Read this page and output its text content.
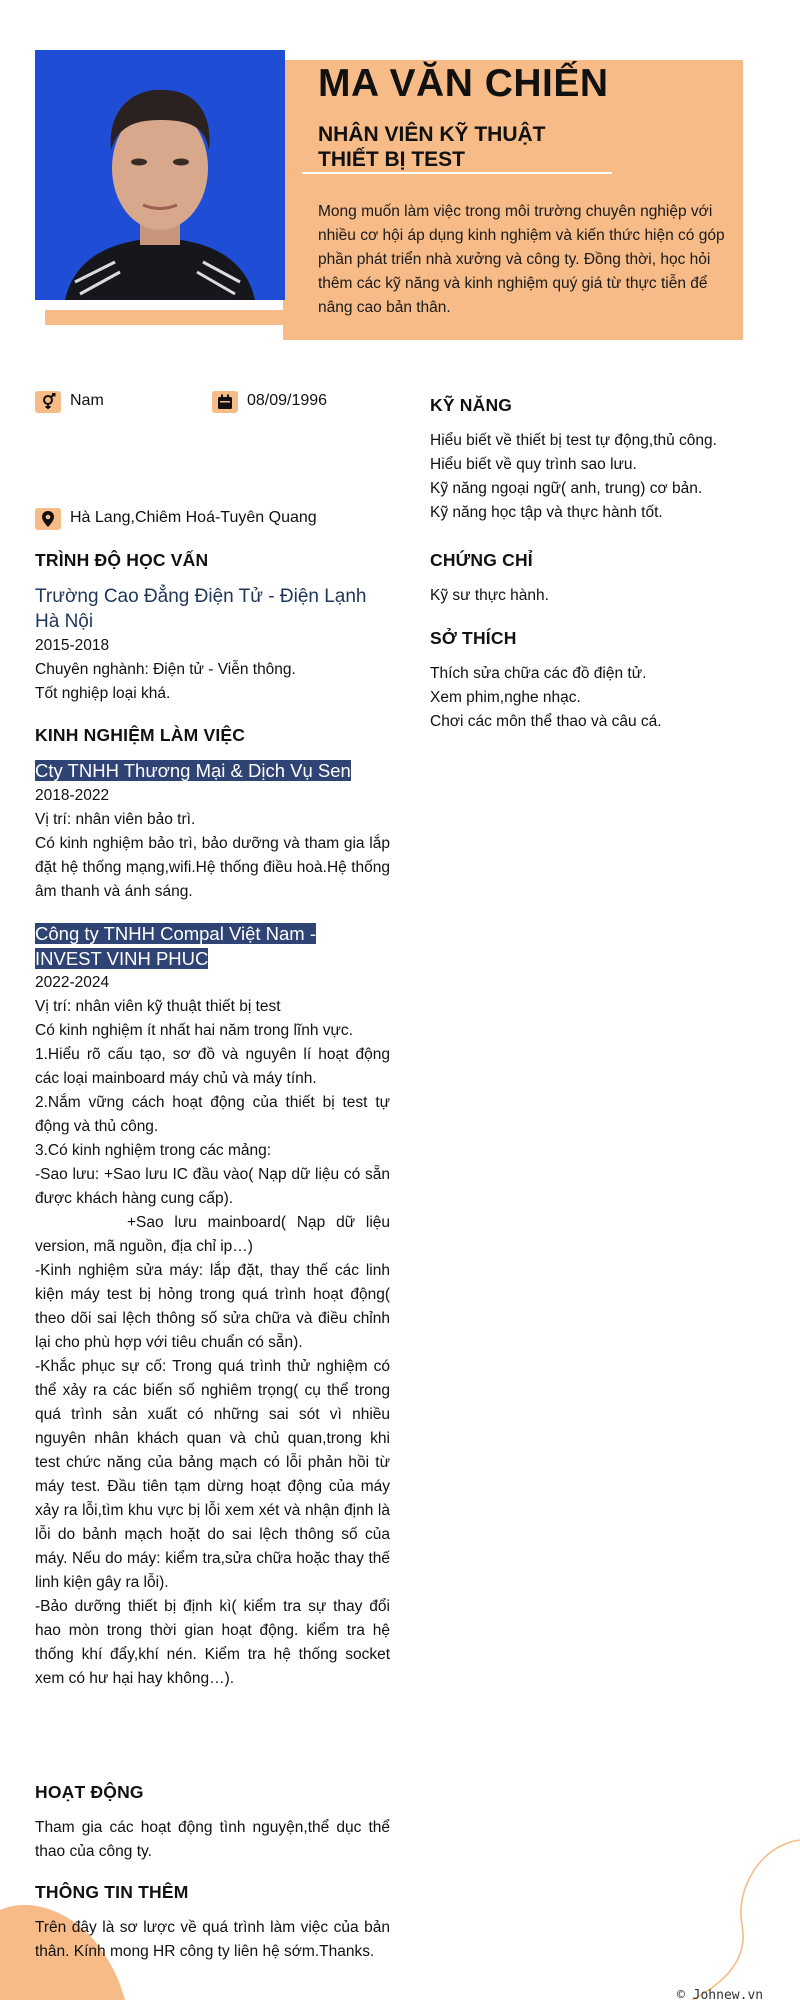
MA VĂN CHIẾN
NHÂN VIÊN KỸ THUẬT
THIẾT BỊ TEST
Mong muốn làm việc trong môi trường chuyên nghiệp với nhiều cơ hội áp dụng kinh nghiệm và kiến thức hiện có góp phần phát triển nhà xưởng và công ty. Đồng thời, học hỏi thêm các kỹ năng và kinh nghiệm quý giá từ thực tiễn để nâng cao bản thân.
Nam	08/09/1996
Hà Lang,Chiêm Hoá-Tuyên Quang
TRÌNH ĐỘ HỌC VẤN
Trường Cao Đẳng Điện Tử - Điện Lạnh Hà Nội
2015-2018
Chuyên nghành: Điện tử - Viễn thông.
Tốt nghiệp loại khá.
KINH NGHIỆM LÀM VIỆC
Cty TNHH Thương Mại & Dịch Vụ Sen
2018-2022
Vị trí: nhân viên bảo trì.
Có kinh nghiệm bảo trì, bảo dưỡng và tham gia lắp đặt hệ thống mạng,wifi.Hệ thống điều hoà.Hệ thống âm thanh và ánh sáng.
Công ty TNHH Compal Việt Nam -
INVEST VINH PHUC
2022-2024
Vị trí: nhân viên kỹ thuật thiết bị test
Có kinh nghiệm ít nhất hai năm trong lĩnh vực.
1.Hiểu rõ cấu tạo, sơ đồ và nguyên lí hoạt động các loại mainboard máy chủ và máy tính.
2.Nắm vững cách hoạt động của thiết bị test tự động và thủ công.
3.Có kinh nghiệm trong các mảng:
-Sao lưu: +Sao lưu IC đầu vào( Nạp dữ liệu có sẵn được khách hàng cung cấp).
+Sao lưu mainboard( Nạp dữ liệu version, mã nguồn, địa chỉ ip…)
-Kinh nghiệm sửa máy: lắp đặt, thay thế các linh kiện máy test bị hỏng trong quá trình hoạt động( theo dõi sai lệch thông số sửa chữa và điều chỉnh lại cho phù hợp với tiêu chuẩn có sẵn).
-Khắc phục sự cố: Trong quá trình thử nghiệm có thể xảy ra các biến số nghiêm trọng( cụ thể trong quá trình sản xuất có những sai sót vì nhiều nguyên nhân khách quan và chủ quan,trong khi test chức năng của bảng mạch có lỗi phản hồi từ máy test. Đầu tiên tạm dừng hoạt động của máy xảy ra lỗi,tìm khu vực bị lỗi xem xét và nhận định là lỗi do bảnh mạch hoặt do sai lệch thông số của máy. Nếu do máy: kiểm tra,sửa chữa hoặc thay thế linh kiện gây ra lỗi).
-Bảo dưỡng thiết bị định kì( kiểm tra sự thay đổi hao mòn trong thời gian hoạt động. kiểm tra hệ thống khí đẩy,khí nén. Kiểm tra hệ thống socket xem có hư hại hay không…).
HOẠT ĐỘNG
Tham gia các hoạt động tình nguyện,thể dục thể thao của công ty.
THÔNG TIN THÊM
Trên đây là sơ lược về quá trình làm việc của bản thân. Kính mong HR công ty liên hệ sớm.Thanks.
KỸ NĂNG
Hiểu biết về thiết bị test tự động,thủ công.
Hiểu biết về quy trình sao lưu.
Kỹ năng ngoại ngữ( anh, trung) cơ bản.
Kỹ năng học tập và thực hành tốt.
CHỨNG CHỈ
Kỹ sư thực hành.
SỞ THÍCH
Thích sửa chữa các đồ điện tử.
Xem phim,nghe nhạc.
Chơi các môn thể thao và câu cá.
© Johnew.vn
